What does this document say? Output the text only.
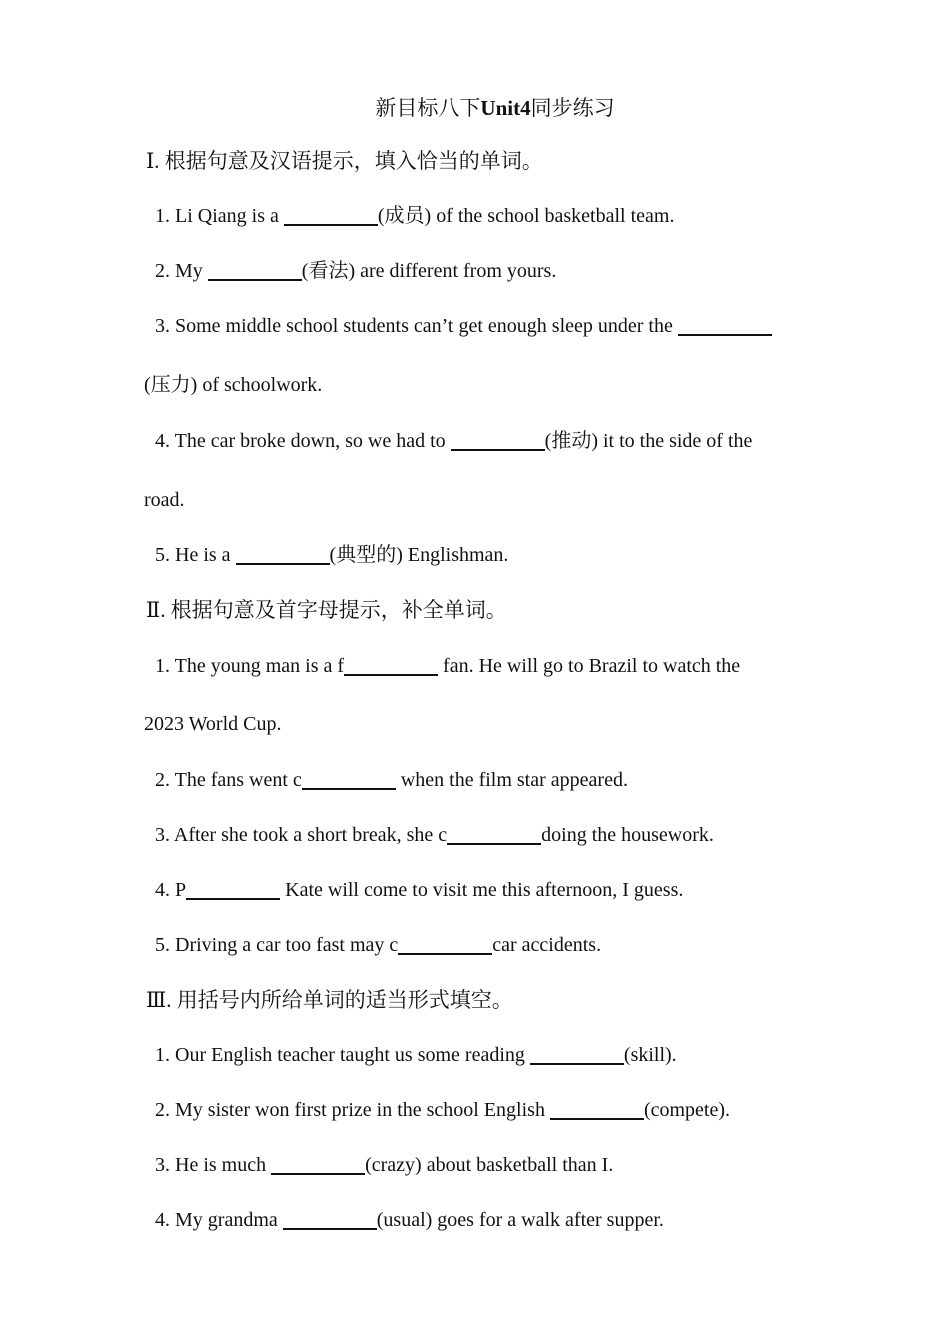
新目标八下Unit4同步练习
Ⅰ. 根据句意及汉语提示，填入恰当的单词。
1. Li Qiang is a	(成员) of the school basketball team.
2. My	(看法) are different from yours.
3. Some middle school students can’t get enough sleep under the
(压力) of schoolwork.
4. The car broke down, so we had to	(推动) it to the side of the
road.
5. He is a	(典型的) Englishman.
Ⅱ. 根据句意及首字母提示，补全单词。
1. The young man is a f	fan. He will go to Brazil to watch the
2023 World Cup.
2. The fans went c	when the film star appeared.
3. After she took a short break, she c	doing the housework.
4. P	Kate will come to visit me this afternoon, I guess.
5. Driving a car too fast may c	car accidents.
Ⅲ. 用括号内所给单词的适当形式填空。
1. Our English teacher taught us some reading	(skill).
2. My sister won first prize in the school English	(compete).
3. He is much	(crazy) about basketball than I.
4. My grandma	(usual) goes for a walk after supper.
